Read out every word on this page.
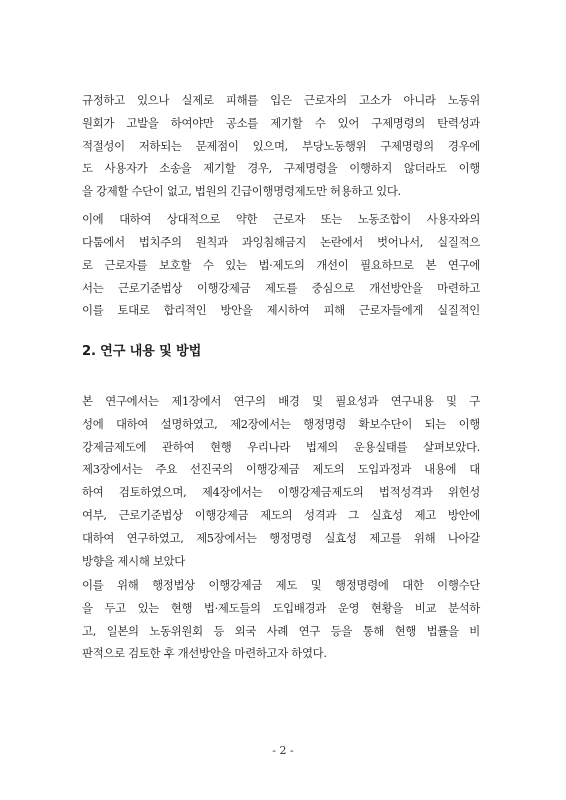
규정하고 있으나 실제로 피해를 입은 근로자의 고소가 아니라 노동위
원회가 고발을 하여야만 공소를 제기할 수 있어 구제명령의 탄력성과
적절성이 저하되는 문제점이 있으며, 부당노동행위 구제명령의 경우에
도 사용자가 소송을 제기할 경우, 구제명령을 이행하지 않더라도 이행
을 강제할 수단이 없고, 법원의 긴급이행명령제도만 허용하고 있다.
이에 대하여 상대적으로 약한 근로자 또는 노동조합이 사용자와의
2. 연구 내용 및 방법
다툼에서 법치주의 원칙과 과잉침해금지 논란에서 벗어나서, 실질적으
로 근로자를 보호할 수 있는 법·제도의 개선이 필요하므로 본 연구에
서는 근로기준법상 이행강제금 제도를 중심으로 개선방안을 마련하고
이를 토대로 합리적인 방안을 제시하여 피해 근로자들에게 실질적인
본 연구에서는 제1장에서 연구의 배경 및 필요성과 연구내용 및 구
성에 대하여 설명하였고, 제2장에서는 행정명령 확보수단이 되는 이행
강제금제도에 관하여 현행 우리나라 법제의 운용실태를 살펴보았다.
제3장에서는 주요 선진국의 이행강제금 제도의 도입과정과 내용에 대
하여 검토하였으며, 제4장에서는 이행강제금제도의 법적성격과 위헌성
여부, 근로기준법상 이행강제금 제도의 성격과 그 실효성 제고 방안에
대하여 연구하였고, 제5장에서는 행정명령 실효성 제고를 위해 나아갈
방향을 제시해 보았다
이를 위해 행정법상 이행강제금 제도 및 행정명령에 대한 이행수단
을 두고 있는 현행 법·제도들의 도입배경과 운영 현황을 비교 분석하
고, 일본의 노동위원회 등 외국 사례 연구 등을 통해 현행 법률을 비
판적으로 검토한 후 개선방안을 마련하고자 하였다.
- 2 -
